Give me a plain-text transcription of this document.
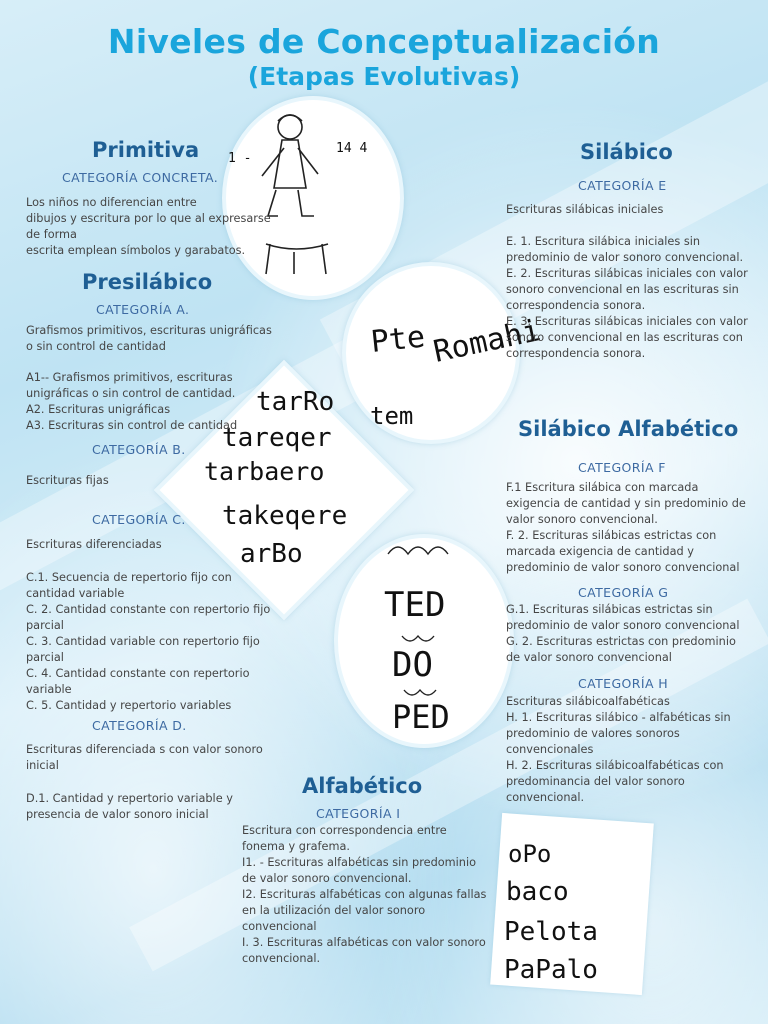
Niveles de Conceptualización
(Etapas Evolutivas)
1 -
14 4
Pte Romahi
tem
tarRo
tareqer
tarbaero
takeqere
arBo
TED
DO
PED
oPo
baco
Pelota
PaPalo
Primitiva
CATEGORÍA CONCRETA.
Los niños no diferencian entre
dibujos y escritura por lo que al expresarse
de forma
escrita emplean símbolos y garabatos.
Presilábico
CATEGORÍA A.
Grafismos primitivos, escrituras unigráficas
o sin control de cantidad
A1-- Grafismos primitivos, escrituras
unigráficas o sin control de cantidad.
A2. Escrituras unigráficas
A3. Escrituras sin control de cantidad
CATEGORÍA B.
Escrituras fijas
CATEGORÍA C.
Escrituras diferenciadas
C.1. Secuencia de repertorio fijo con
cantidad variable
C. 2. Cantidad constante con repertorio fijo
parcial
C. 3. Cantidad variable con repertorio fijo
parcial
C. 4. Cantidad constante con repertorio
variable
C. 5. Cantidad y repertorio variables
CATEGORÍA D.
Escrituras diferenciada s con valor sonoro
inicial
D.1. Cantidad y repertorio variable y
presencia de valor sonoro inicial
Silábico
CATEGORÍA E
Escrituras silábicas iniciales
E. 1. Escritura silábica iniciales sin
predominio de valor sonoro convencional.
E. 2. Escrituras silábicas iniciales con valor
sonoro convencional en las escrituras sin
correspondencia sonora.
E. 3. Escrituras silábicas iniciales con valor
sonoro convencional en las escrituras con
correspondencia sonora.
Silábico Alfabético
CATEGORÍA F
F.1 Escritura silábica con marcada
exigencia de cantidad y sin predominio de
valor sonoro convencional.
F. 2. Escrituras silábicas estrictas con
marcada exigencia de cantidad y
predominio de valor sonoro convencional
CATEGORÍA G
G.1. Escrituras silábicas estrictas sin
predominio de valor sonoro convencional
G. 2. Escrituras estrictas con predominio
de valor sonoro convencional
CATEGORÍA H
Escrituras silábicoalfabéticas
H. 1. Escrituras silábico - alfabéticas sin
predominio de valores sonoros
convencionales
H. 2. Escrituras silábicoalfabéticas con
predominancia del valor sonoro
convencional.
Alfabético
CATEGORÍA I
Escritura con correspondencia entre
fonema y grafema.
I1. - Escrituras alfabéticas sin predominio
de valor sonoro convencional.
I2. Escrituras alfabéticas con algunas fallas
en la utilización del valor sonoro
convencional
I. 3. Escrituras alfabéticas con valor sonoro
convencional.
